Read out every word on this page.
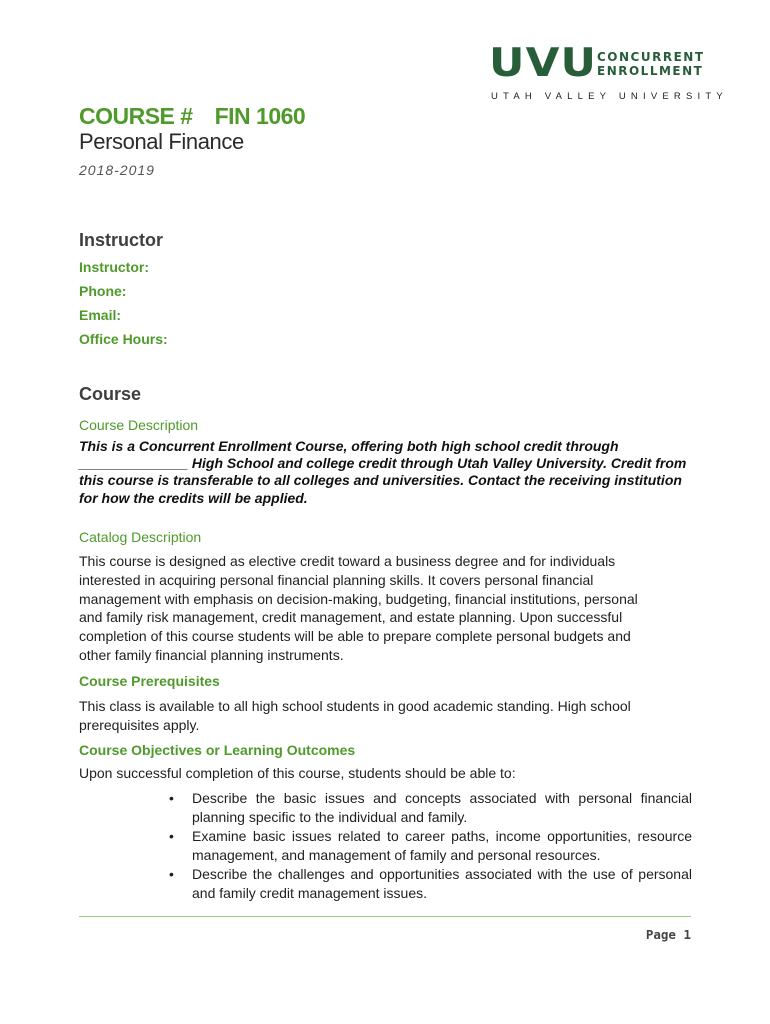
UVU CONCURRENT
ENROLLMENT
UTAH VALLEY UNIVERSITY
COURSE # FIN 1060
Personal Finance
2018-2019
Instructor
Instructor:
Phone:
Email:
Office Hours:
Course
Course Description
This is a Concurrent Enrollment Course, offering both high school credit through
______________ High School and college credit through Utah Valley University. Credit from
this course is transferable to all colleges and universities. Contact the receiving institution
for how the credits will be applied.
Catalog Description
This course is designed as elective credit toward a business degree and for individuals
interested in acquiring personal financial planning skills. It covers personal financial
management with emphasis on decision-making, budgeting, financial institutions, personal
and family risk management, credit management, and estate planning. Upon successful
completion of this course students will be able to prepare complete personal budgets and
other family financial planning instruments.
Course Prerequisites
This class is available to all high school students in good academic standing. High school
prerequisites apply.
Course Objectives or Learning Outcomes
Upon successful completion of this course, students should be able to:
• Describe the basic issues and concepts associated with personal financial planning specific to the individual and family.
• Examine basic issues related to career paths, income opportunities, resource management, and management of family and personal resources.
• Describe the challenges and opportunities associated with the use of personal and family credit management issues.
Page 1
